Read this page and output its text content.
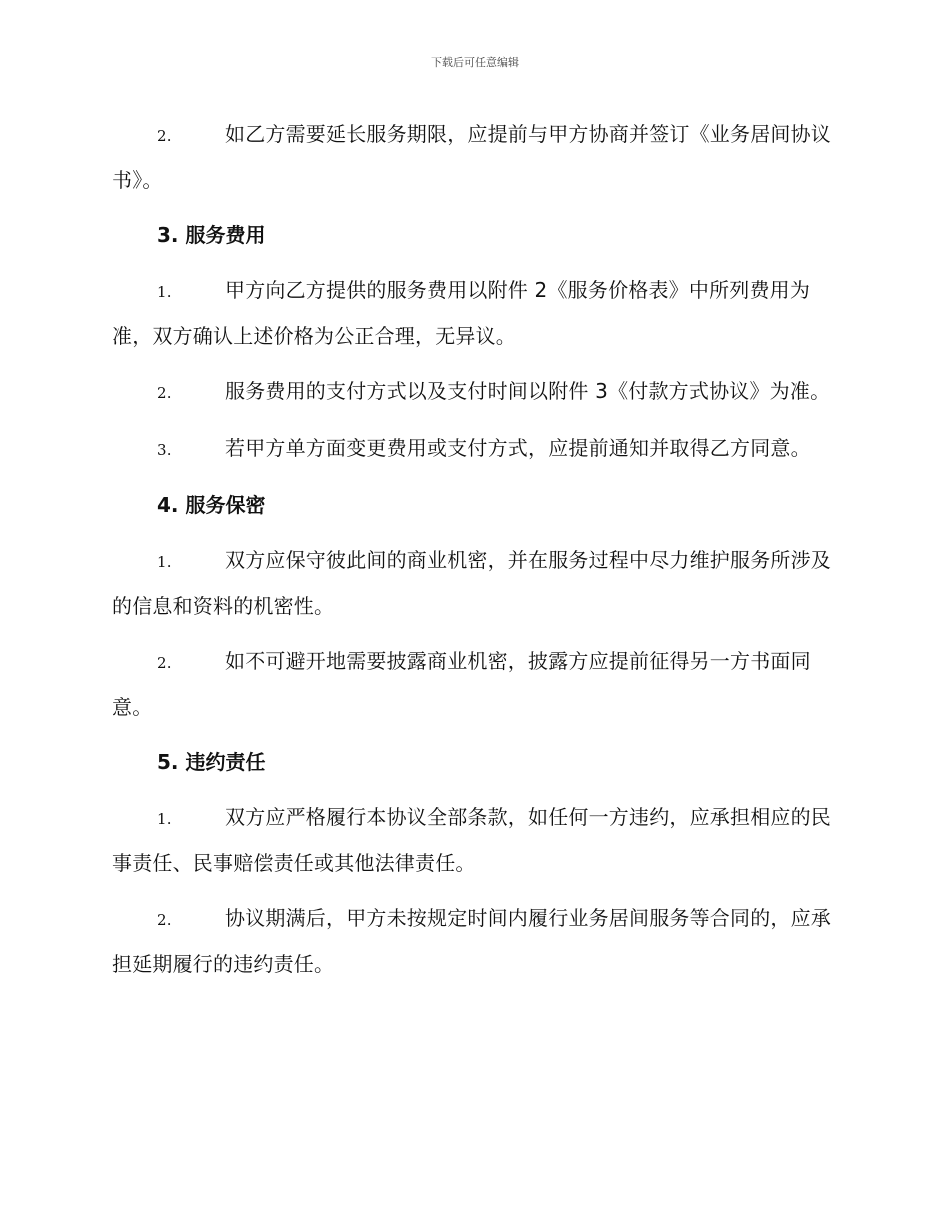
下载后可任意编辑
2.	如乙方需要延长服务期限，应提前与甲方协商并签订《业务居间协议书》。
3. 服务费用
1.	甲方向乙方提供的服务费用以附件 2《服务价格表》中所列费用为准，双方确认上述价格为公正合理，无异议。
2.	服务费用的支付方式以及支付时间以附件 3《付款方式协议》为准。
3.	若甲方单方面变更费用或支付方式，应提前通知并取得乙方同意。
4. 服务保密
1.	双方应保守彼此间的商业机密，并在服务过程中尽力维护服务所涉及的信息和资料的机密性。
2.	如不可避开地需要披露商业机密，披露方应提前征得另一方书面同意。
5. 违约责任
1.	双方应严格履行本协议全部条款，如任何一方违约，应承担相应的民事责任、民事赔偿责任或其他法律责任。
2.	协议期满后，甲方未按规定时间内履行业务居间服务等合同的，应承担延期履行的违约责任。
